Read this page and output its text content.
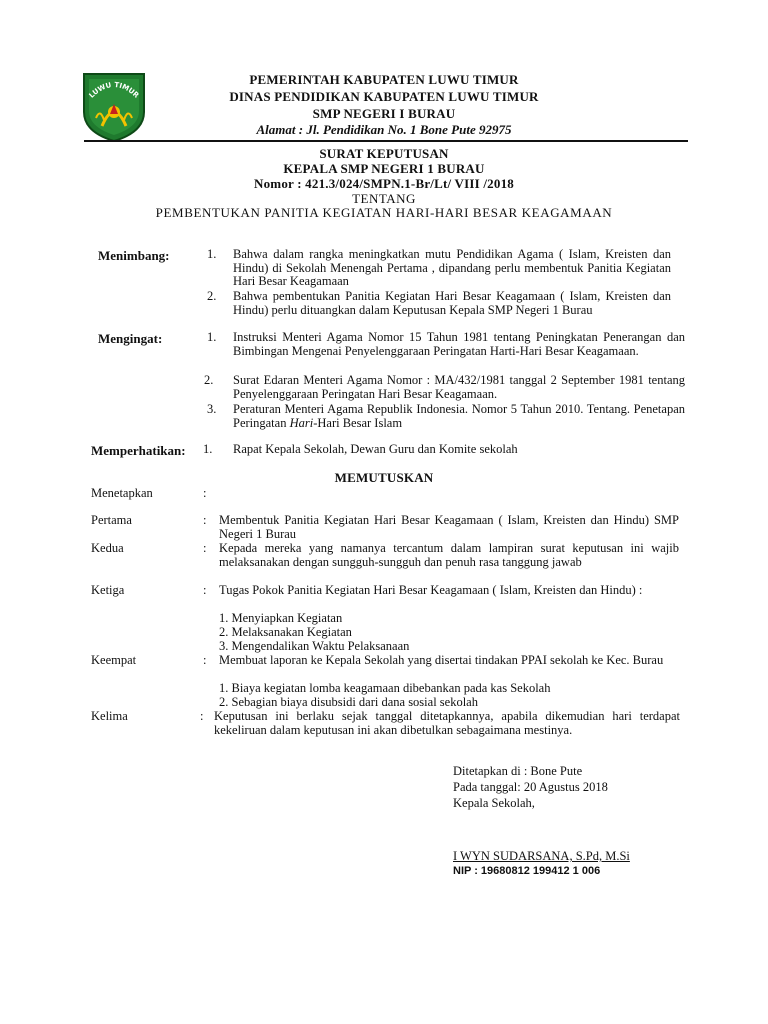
LUWU TIMUR
PEMERINTAH KABUPATEN LUWU TIMUR
DINAS PENDIDIKAN KABUPATEN LUWU TIMUR
SMP NEGERI I BURAU
Alamat : Jl. Pendidikan No. 1 Bone Pute 92975
SURAT KEPUTUSAN
KEPALA SMP NEGERI 1 BURAU
Nomor : 421.3/024/SMPN.1-Br/Lt/ VIII /2018
TENTANG
PEMBENTUKAN PANITIA KEGIATAN HARI-HARI BESAR KEAGAMAAN
Menimbang:	1. Bahwa dalam rangka meningkatkan mutu Pendidikan Agama ( Islam, Kreisten dan Hindu) di Sekolah Menengah Pertama , dipandang perlu membentuk Panitia Kegiatan Hari Besar Keagamaan
2. Bahwa pembentukan Panitia Kegiatan Hari Besar Keagamaan ( Islam, Kreisten dan Hindu) perlu dituangkan dalam Keputusan Kepala SMP Negeri 1 Burau
Mengingat:	1. Instruksi Menteri Agama Nomor 15 Tahun 1981 tentang Peningkatan Penerangan dan Bimbingan Mengenai Penyelenggaraan Peringatan Harti-Hari Besar Keagamaan.
2. Surat Edaran Menteri Agama Nomor : MA/432/1981 tanggal 2 September 1981 tentang Penyelenggaraan Peringatan Hari Besar Keagamaan.
3. Peraturan Menteri Agama Republik Indonesia. Nomor 5 Tahun 2010. Tentang. Penetapan Peringatan Hari-Hari Besar Islam
Memperhatikan: 1. Rapat Kepala Sekolah, Dewan Guru dan Komite sekolah
MEMUTUSKAN
Menetapkan	:
Pertama	: Membentuk Panitia Kegiatan Hari Besar Keagamaan ( Islam, Kreisten dan Hindu) SMP Negeri 1 Burau
Kedua	: Kepada mereka yang namanya tercantum dalam lampiran surat keputusan ini wajib melaksanakan dengan sungguh-sungguh dan penuh rasa tanggung jawab
Ketiga	: Tugas Pokok Panitia Kegiatan Hari Besar Keagamaan ( Islam, Kreisten dan Hindu) :
1. Menyiapkan Kegiatan
2. Melaksanakan Kegiatan
3. Mengendalikan Waktu Pelaksanaan
Keempat	: Membuat laporan ke Kepala Sekolah yang disertai tindakan PPAI sekolah ke Kec. Burau
1. Biaya kegiatan lomba keagamaan dibebankan pada kas Sekolah
2. Sebagian biaya disubsidi dari dana sosial sekolah
Kelima	: Keputusan ini berlaku sejak tanggal ditetapkannya, apabila dikemudian hari terdapat kekeliruan dalam keputusan ini akan dibetulkan sebagaimana mestinya.
Ditetapkan di : Bone Pute
Pada tanggal: 20 Agustus 2018
Kepala Sekolah,
I WYN SUDARSANA, S.Pd, M.Si
NIP : 19680812 199412 1 006
